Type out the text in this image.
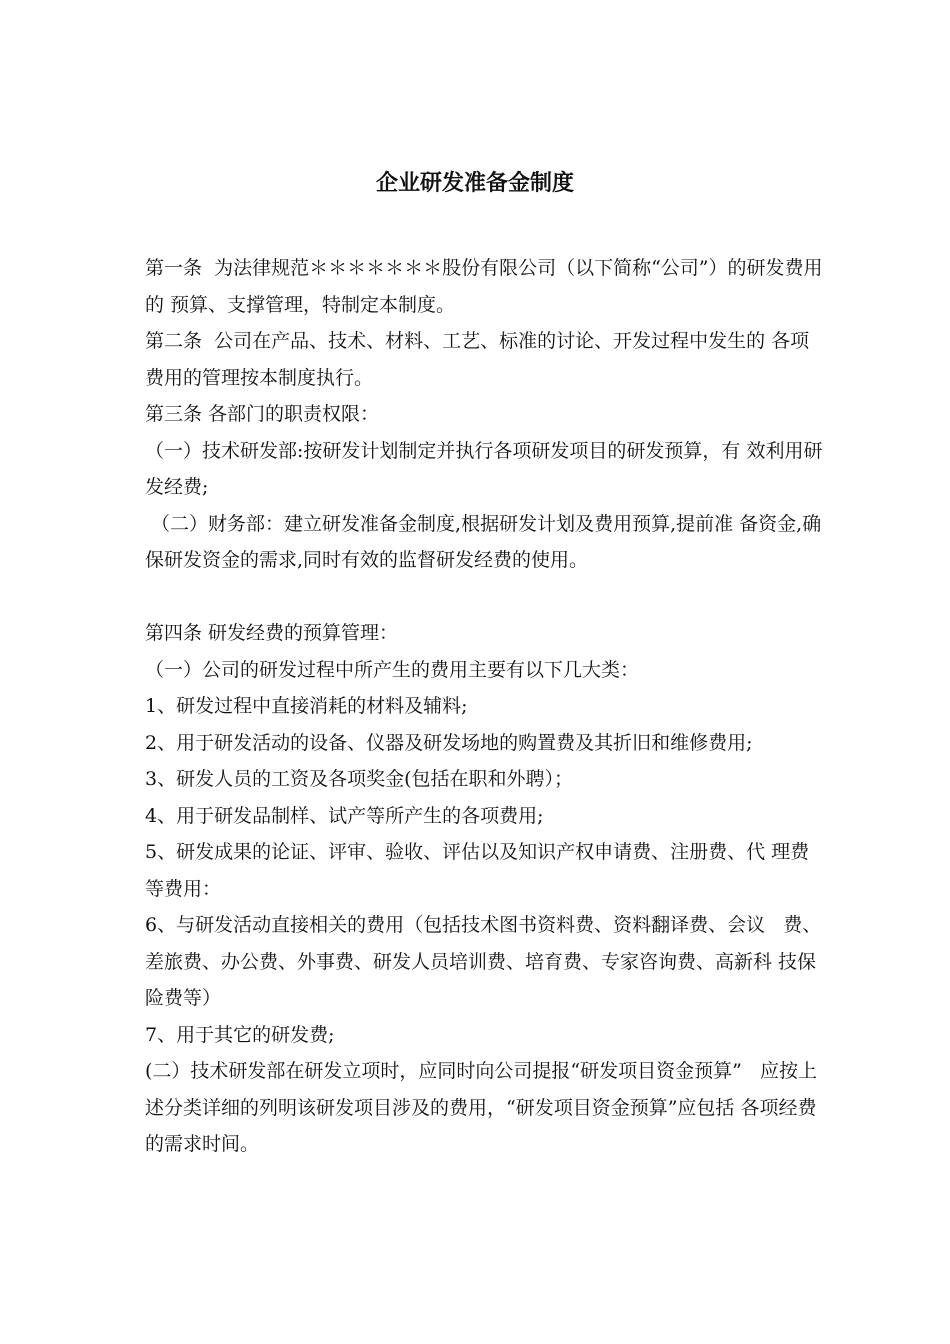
企业研发准备金制度

第一条  为法律规范＊＊＊＊＊＊＊股份有限公司（以下简称“公司”）的研发费用的 预算、支撑管理，特制定本制度。

第二条  公司在产品、技术、材料、工艺、标准的讨论、开发过程中发生的 各项费用的管理按本制度执行。

第三条 各部门的职责权限：

（一）技术研发部:按研发计划制定并执行各项研发项目的研发预算，有 效利用研发经费;

（二）财务部：建立研发准备金制度,根据研发计划及费用预算,提前准 备资金,确保研发资金的需求,同时有效的监督研发经费的使用。

第四条 研发经费的预算管理：

（一）公司的研发过程中所产生的费用主要有以下几大类：

1、研发过程中直接消耗的材料及辅料;

2、用于研发活动的设备、仪器及研发场地的购置费及其折旧和维修费用;

3、研发人员的工资及各项奖金(包括在职和外聘）；

4、用于研发品制样、试产等所产生的各项费用;

5、研发成果的论证、评审、验收、评估以及知识产权申请费、注册费、代 理费等费用：

6、与研发活动直接相关的费用（包括技术图书资料费、资料翻译费、会议   费、差旅费、办公费、外事费、研发人员培训费、培育费、专家咨询费、高新科 技保险费等）

7、用于其它的研发费;

(二）技术研发部在研发立项时，应同时向公司提报“研发项目资金预算”   应按上述分类详细的列明该研发项目涉及的费用，“研发项目资金预算”应包括 各项经费的需求时间。
